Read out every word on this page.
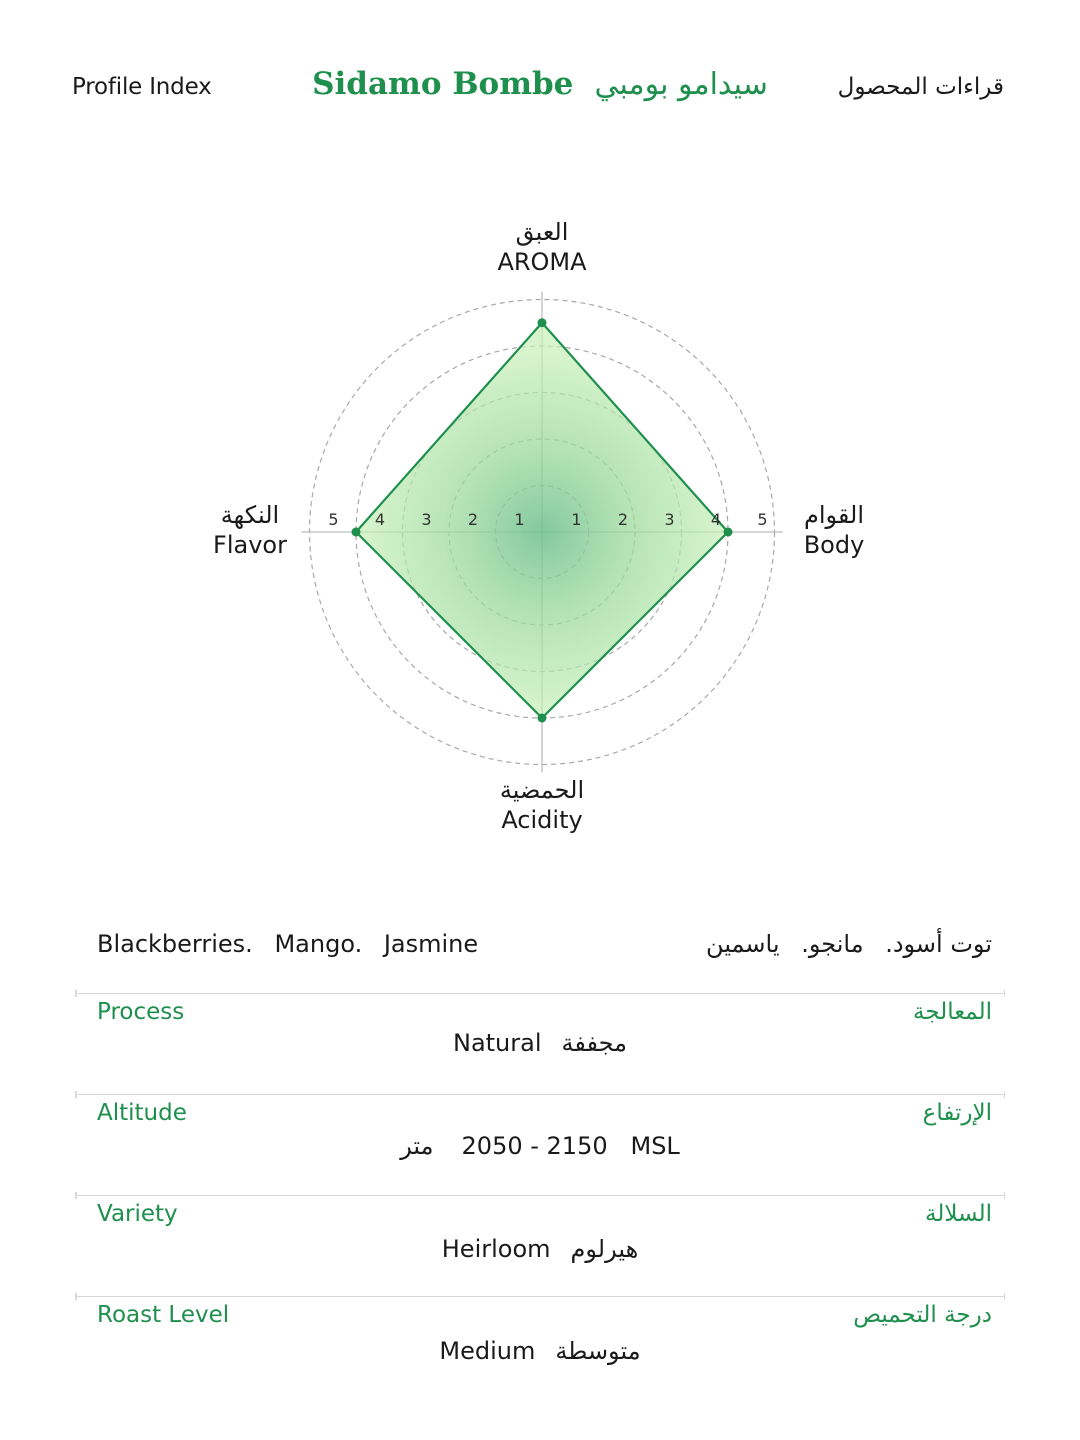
Profile Index	قراءات المحصول
Sidamo Bombe سيدامو بومبي
1
1	2
2	3
3	4
4	5
5
العبق
AROMA
القوام
Body
الحمضية
Acidity
النكهة
Flavor
Blackberries. Mango. Jasmine	توت أسود. مانجو. ياسمين
Process	المعالجة
Natural مجففة
Altitude	الإرتفاع
متر 2050 - 2150   MSL
Variety	السلالة
Heirloom هيرلوم
Roast Level	درجة التحميص
Medium متوسطة
